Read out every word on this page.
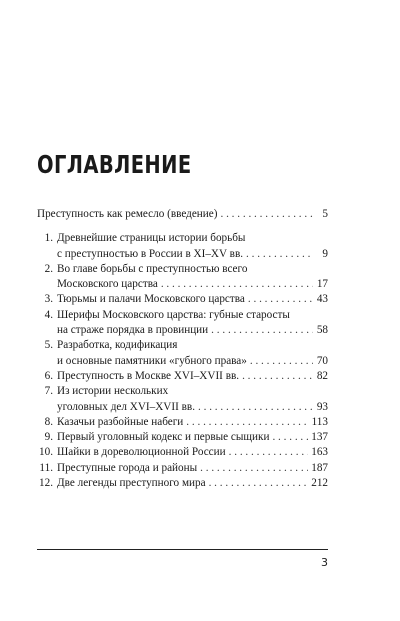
ОГЛАВЛЕНИЕ
Преступность как ремесло (введение) . . .	5
1. Древнейшие страницы истории борьбы
с преступностью в России в XI–XV вв. . . .	9
2. Во главе борьбы с преступностью всего
Московского царства . . .	17
3. Тюрьмы и палачи Московского царства . . .	43
4. Шерифы Московского царства: губные старосты
на страже порядка в провинции . . .	58
5. Разработка, кодификация
и основные памятники «губного права» . . .	70
6. Преступность в Москве XVI–XVII вв. . . .	82
7. Из истории нескольких
уголовных дел XVI–XVII вв. . . .	93
8. Казачьи разбойные набеги . . .	113
9. Первый уголовный кодекс и первые сыщики . . .	137
10. Шайки в дореволюционной России . . .	163
11. Преступные города и районы . . .	187
12. Две легенды преступного мира . . .	212
3
